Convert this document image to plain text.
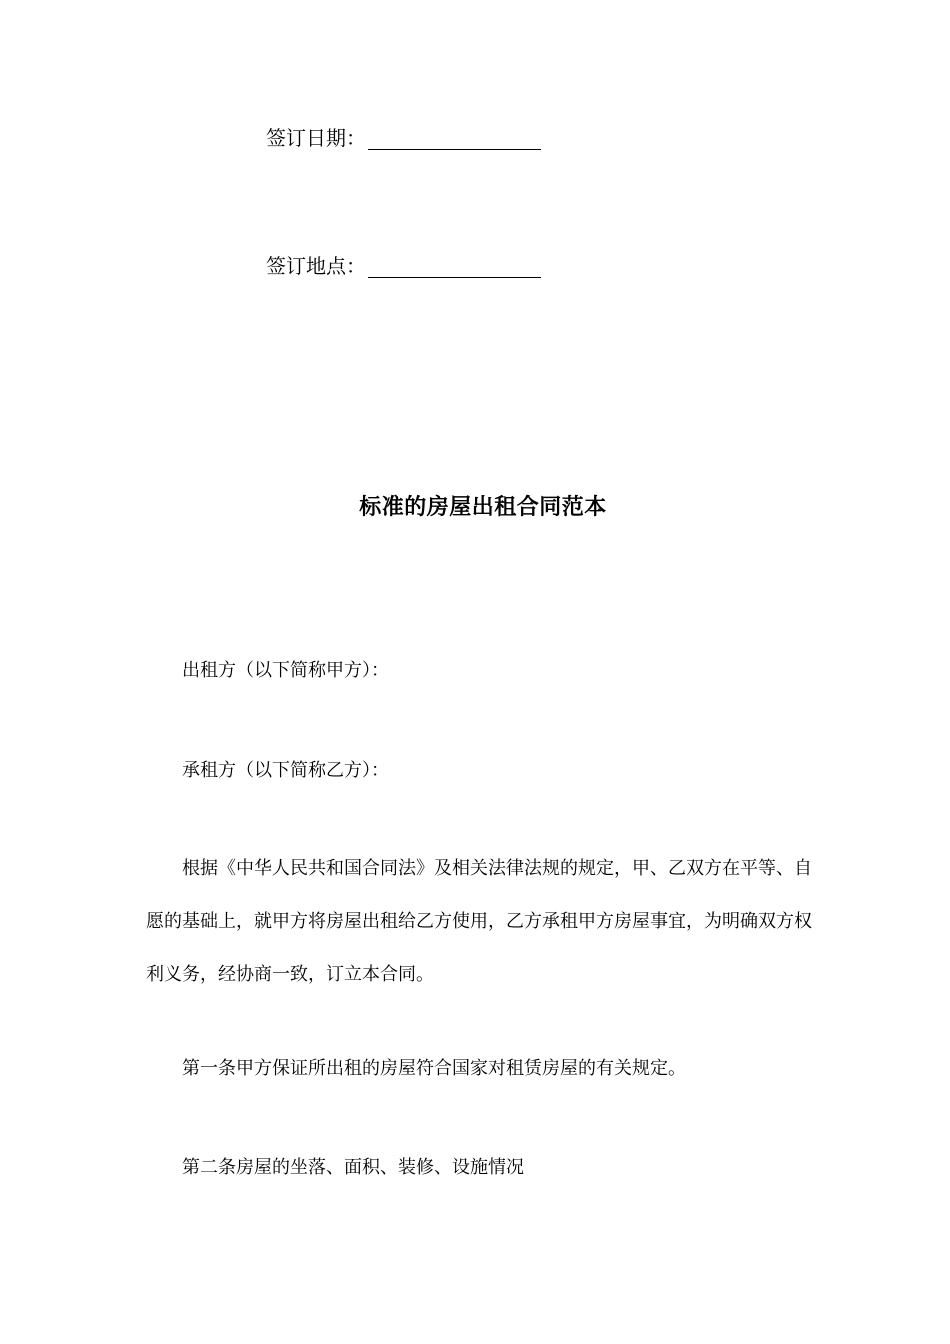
签订日期：
签订地点：
标准的房屋出租合同范本

出租方（以下简称甲方）：

承租方（以下简称乙方）：

根据《中华人民共和国合同法》及相关法律法规的规定，甲、乙双方在平等、自愿的基础上，就甲方将房屋出租给乙方使用，乙方承租甲方房屋事宜，为明确双方权利义务，经协商一致，订立本合同。

第一条甲方保证所出租的房屋符合国家对租赁房屋的有关规定。

第二条房屋的坐落、面积、装修、设施情况
